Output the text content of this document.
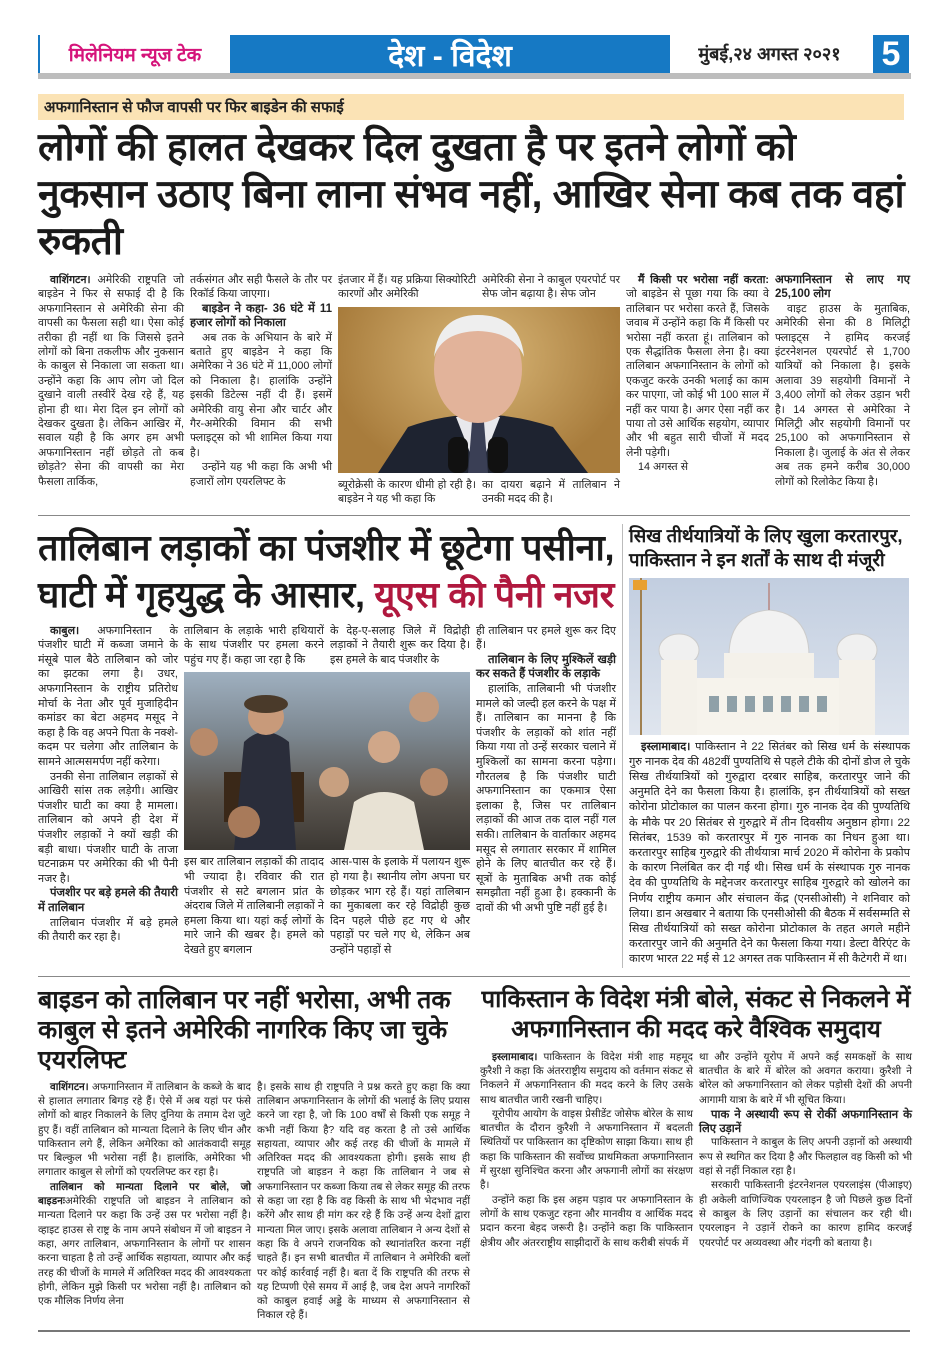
मिलेनियम न्यूज टेक	देश - विदेश	मुंबई,२४ अगस्त २०२१	5
अफगानिस्तान से फौज वापसी पर फिर बाइडेन की सफाई
लोगों की हालत देखकर दिल दुखता है पर इतने लोगों को नुकसान उठाए बिना लाना संभव नहीं, आखिर सेना कब तक वहां रुकती

वाशिंगटन। अमेरिकी राष्ट्रपति जो बाइडेन ने फिर से सफाई दी है कि अफगानिस्तान से अमेरिकी सेना की वापसी का फैसला सही था। ऐसा कोई तरीका ही नहीं था कि जिससे इतने लोगों को बिना तकलीफ और नुकसान के काबुल से निकाला जा सकता था। उन्होंने कहा कि आप लोग जो दिल दुखाने वाली तस्वीरें देख रहे हैं, यह होना ही था। मेरा दिल इन लोगों को देखकर दुखता है। लेकिन आखिर में, सवाल यही है कि अगर हम अभी अफगानिस्तान नहीं छोड़ते तो कब छोड़ते? सेना की वापसी का मेरा फैसला तार्किक,

तर्कसंगत और सही फैसले के तौर पर रिकॉर्ड किया जाएगा।

बाइडेन ने कहा- 36 घंटे में 11 हजार लोगों को निकाला

अब तक के अभियान के बारे में बताते हुए बाइडेन ने कहा कि अमेरिका ने 36 घंटे में 11,000 लोगों को निकाला है। हालांकि उन्होंने इसकी डिटेल्स नहीं दी हैं। इसमें अमेरिकी वायु सेना और चार्टर और गैर-अमेरिकी विमान की सभी फ्लाइट्स को भी शामिल किया गया है।

उन्होंने यह भी कहा कि अभी भी हजारों लोग एयरलिफ्ट के

इंतजार में हैं। यह प्रक्रिया सिक्योरिटी कारणों और अमेरिकी

अमेरिकी सेना ने काबुल एयरपोर्ट पर सेफ जोन बढ़ाया है। सेफ जोन

ब्यूरोक्रेसी के कारण धीमी हो रही है। बाइडेन ने यह भी कहा कि

का दायरा बढ़ाने में तालिबान ने उनकी मदद की है।

मैं किसी पर भरोसा नहीं करता: जो बाइडेन से पूछा गया कि क्या वे तालिबान पर भरोसा करते हैं, जिसके जवाब में उन्होंने कहा कि मैं किसी पर भरोसा नहीं करता हूं। तालिबान को एक सैद्धांतिक फैसला लेना है। क्या तालिबान अफगानिस्तान के लोगों को एकजुट करके उनकी भलाई का काम कर पाएगा, जो कोई भी 100 साल में नहीं कर पाया है। अगर ऐसा नहीं कर पाया तो उसे आर्थिक सहयोग, व्यापार और भी बहुत सारी चीजों में मदद लेनी पड़ेगी।

14 अगस्त से

अफगानिस्तान से लाए गए 25,100 लोग

वाइट हाउस के मुताबिक, अमेरिकी सेना की 8 मिलिट्री फ्लाइट्स ने हामिद करजई इंटरनेशनल एयरपोर्ट से 1,700 यात्रियों को निकाला है। इसके अलावा 39 सहयोगी विमानों ने 3,400 लोगों को लेकर उड़ान भरी है। 14 अगस्त से अमेरिका ने मिलिट्री और सहयोगी विमानों पर 25,100 को अफगानिस्तान से निकाला है। जुलाई के अंत से लेकर अब तक हमने करीब 30,000 लोगों को रिलोकेट किया है।

तालिबान लड़ाकों का पंजशीर में छूटेगा पसीना, घाटी में गृहयुद्ध के आसार, यूएस की पैनी नजर

काबुल। अफगानिस्तान के पंजशीर घाटी में कब्जा जमाने के मंसूबे पाल बैठे तालिबान को जोर का झटका लगा है। उधर, अफगानिस्तान के राष्ट्रीय प्रतिरोध मोर्चा के नेता और पूर्व मुजाहिदीन कमांडर का बेटा अहमद मसूद ने कहा है कि वह अपने पिता के नक्शे-कदम पर चलेगा और तालिबान के सामने आत्मसमर्पण नहीं करेगा।

उनकी सेना तालिबान लड़ाकों से आखिरी सांस तक लड़ेगी। आखिर पंजशीर घाटी का क्या है मामला। तालिबान को अपने ही देश में पंजशीर लड़ाकों ने क्यों खड़ी की बड़ी बाधा। पंजशीर घाटी के ताजा घटनाक्रम पर अमेरिका की भी पैनी नजर है।

पंजशीर पर बड़े हमले की तैयारी में तालिबान

तालिबान पंजशीर में बड़े हमले की तैयारी कर रहा है।

तालिबान के लड़ाके भारी हथियारों के साथ पंजशीर पर हमला करने पहुंच गए हैं। कहा जा रहा है कि

के देह-ए-सलाह जिले में विद्रोही लड़ाकों ने तैयारी शुरू कर दिया है। इस हमले के बाद पंजशीर के

इस बार तालिबान लड़ाकों की तादाद भी ज्यादा है। रविवार की रात पंजशीर से सटे बगलान प्रांत के अंदराब जिले में तालिबानी लड़ाकों ने हमला किया था। यहां कई लोगों के मारे जाने की खबर है। हमले को देखते हुए बगलान

आस-पास के इलाके में पलायन शुरू हो गया है। स्थानीय लोग अपना घर छोड़कर भाग रहे हैं। यहां तालिबान का मुकाबला कर रहे विद्रोही कुछ दिन पहले पीछे हट गए थे और पहाड़ों पर चले गए थे, लेकिन अब उन्होंने पहाड़ों से

ही तालिबान पर हमले शुरू कर दिए हैं।

तालिबान के लिए मुश्किलें खड़ी कर सकते हैं पंजशीर के लड़ाके

हालांकि, तालिबानी भी पंजशीर मामले को जल्दी हल करने के पक्ष में हैं। तालिबान का मानना है कि पंजशीर के लड़ाकों को शांत नहीं किया गया तो उन्हें सरकार चलाने में मुश्किलों का सामना करना पड़ेगा। गौरतलब है कि पंजशीर घाटी अफगानिस्तान का एकमात्र ऐसा इलाका है, जिस पर तालिबान लड़ाकों की आज तक दाल नहीं गल सकी। तालिबान के वार्ताकार अहमद मसूद से लगातार सरकार में शामिल होने के लिए बातचीत कर रहे हैं। सूत्रों के मुताबिक अभी तक कोई समझौता नहीं हुआ है। हक्कानी के दावों की भी अभी पुष्टि नहीं हुई है।

सिख तीर्थयात्रियों के लिए खुला करतारपुर, पाकिस्तान ने इन शर्तों के साथ दी मंजूरी

इस्लामाबाद। पाकिस्तान ने 22 सितंबर को सिख धर्म के संस्थापक गुरु नानक देव की 482वीं पुण्यतिथि से पहले टीके की दोनों डोज ले चुके सिख तीर्थयात्रियों को गुरुद्वारा दरबार साहिब, करतारपुर जाने की अनुमति देने का फैसला किया है। हालांकि, इन तीर्थयात्रियों को सख्त कोरोना प्रोटोकाल का पालन करना होगा। गुरु नानक देव की पुण्यतिथि के मौके पर 20 सितंबर से गुरुद्वारे में तीन दिवसीय अनुष्ठान होगा। 22 सितंबर, 1539 को करतारपुर में गुरु नानक का निधन हुआ था। करतारपुर साहिब गुरुद्वारे की तीर्थयात्रा मार्च 2020 में कोरोना के प्रकोप के कारण निलंबित कर दी गई थी। सिख धर्म के संस्थापक गुरु नानक देव की पुण्यतिथि के मद्देनजर करतारपुर साहिब गुरुद्वारे को खोलने का निर्णय राष्ट्रीय कमान और संचालन केंद्र (एनसीओसी) ने शनिवार को लिया। डान अखबार ने बताया कि एनसीओसी की बैठक में सर्वसम्मति से सिख तीर्थयात्रियों को सख्त कोरोना प्रोटोकाल के तहत अगले महीने करतारपुर जाने की अनुमति देने का फैसला किया गया। डेल्टा वैरिएंट के कारण भारत 22 मई से 12 अगस्त तक पाकिस्तान में सी कैटेगरी में था।

बाइडन को तालिबान पर नहीं भरोसा, अभी तक काबुल से इतने अमेरिकी नागरिक किए जा चुके एयरलिफ्ट

वाशिंगटन। अफगानिस्तान में तालिबान के कब्जे के बाद से हालात लगातार बिगड़ रहे हैं। ऐसे में अब यहां पर फंसे लोगों को बाहर निकालने के लिए दुनिया के तमाम देश जुटे हुए हैं। वहीं तालिबान को मान्यता दिलाने के लिए चीन और पाकिस्तान लगे हैं, लेकिन अमेरिका को आतंकवादी समूह पर बिल्कुल भी भरोसा नहीं है। हालांकि, अमेरिका भी लगातार काबुल से लोगों को एयरलिफ्ट कर रहा है।

तालिबान को मान्यता दिलाने पर बोले, जो बाइडनःअमेरिकी राष्ट्रपति जो बाइडन ने तालिबान को मान्यता दिलाने पर कहा कि उन्हें उस पर भरोसा नहीं है। व्हाइट हाउस से राष्ट्र के नाम अपने संबोधन में जो बाइडन ने कहा, अगर तालिबान, अफगानिस्तान के लोगों पर शासन करना चाहता है तो उन्हें आर्थिक सहायता, व्यापार और कई तरह की चीजों के मामले में अतिरिक्त मदद की आवश्यकता होगी, लेकिन मुझे किसी पर भरोसा नहीं है। तालिबान को एक मौलिक निर्णय लेना

है। इसके साथ ही राष्ट्रपति ने प्रश्न करते हुए कहा कि क्या तालिबान अफगानिस्तान के लोगों की भलाई के लिए प्रयास करने जा रहा है, जो कि 100 वर्षों से किसी एक समूह ने कभी नहीं किया है? यदि वह करता है तो उसे आर्थिक सहायता, व्यापार और कई तरह की चीजों के मामले में अतिरिक्त मदद की आवश्यकता होगी। इसके साथ ही राष्ट्रपति जो बाइडन ने कहा कि तालिबान ने जब से अफगानिस्तान पर कब्जा किया तब से लेकर समूह की तरफ से कहा जा रहा है कि वह किसी के साथ भी भेदभाव नहीं करेंगे और साथ ही मांग कर रहे हैं कि उन्हें अन्य देशों द्वारा मान्यता मिल जाए। इसके अलावा तालिबान ने अन्य देशों से कहा कि वे अपने राजनयिक को स्थानांतरित करना नहीं चाहते हैं। इन सभी बातचीत में तालिबान ने अमेरिकी बलों पर कोई कार्रवाई नहीं है। बता दें कि राष्ट्रपति की तरफ से यह टिप्पणी ऐसे समय में आई है, जब देश अपने नागरिकों को काबुल हवाई अड्डे के माध्यम से अफगानिस्तान से निकाल रहे हैं।

पाकिस्तान के विदेश मंत्री बोले, संकट से निकलने में अफगानिस्तान की मदद करे वैश्विक समुदाय

इस्लामाबाद। पाकिस्तान के विदेश मंत्री शाह महमूद कुरैशी ने कहा कि अंतरराष्ट्रीय समुदाय को वर्तमान संकट से निकलने में अफगानिस्तान की मदद करने के लिए उसके साथ बातचीत जारी रखनी चाहिए।

यूरोपीय आयोग के वाइस प्रेसीडेंट जोसेफ बोरेल के साथ बातचीत के दौरान कुरैशी ने अफगानिस्तान में बदलती स्थितियों पर पाकिस्तान का दृष्टिकोण साझा किया। साथ ही कहा कि पाकिस्तान की सर्वोच्च प्राथमिकता अफगानिस्तान में सुरक्षा सुनिश्चित करना और अफगानी लोगों का संरक्षण है।

उन्होंने कहा कि इस अहम पड़ाव पर अफगानिस्तान के लोगों के साथ एकजुट रहना और मानवीय व आर्थिक मदद प्रदान करना बेहद जरूरी है। उन्होंने कहा कि पाकिस्तान क्षेत्रीय और अंतरराष्ट्रीय साझीदारों के साथ करीबी संपर्क में

था और उन्होंने यूरोप में अपने कई समकक्षों के साथ बातचीत के बारे में बोरेल को अवगत कराया। कुरैशी ने बोरेल को अफगानिस्तान को लेकर पड़ोसी देशों की अपनी आगामी यात्रा के बारे में भी सूचित किया।

पाक ने अस्थायी रूप से रोकीं अफगानिस्तान के लिए उड़ानें

पाकिस्तान ने काबुल के लिए अपनी उड़ानों को अस्थायी रूप से स्थगित कर दिया है और फिलहाल वह किसी को भी वहां से नहीं निकाल रहा है।

सरकारी पाकिस्तानी इंटरनेशनल एयरलाइंस (पीआइए) ही अकेली वाणिज्यिक एयरलाइन है जो पिछले कुछ दिनों से काबुल के लिए उड़ानों का संचालन कर रही थी। एयरलाइन ने उड़ानें रोकने का कारण हामिद करजई एयरपोर्ट पर अव्यवस्था और गंदगी को बताया है।
